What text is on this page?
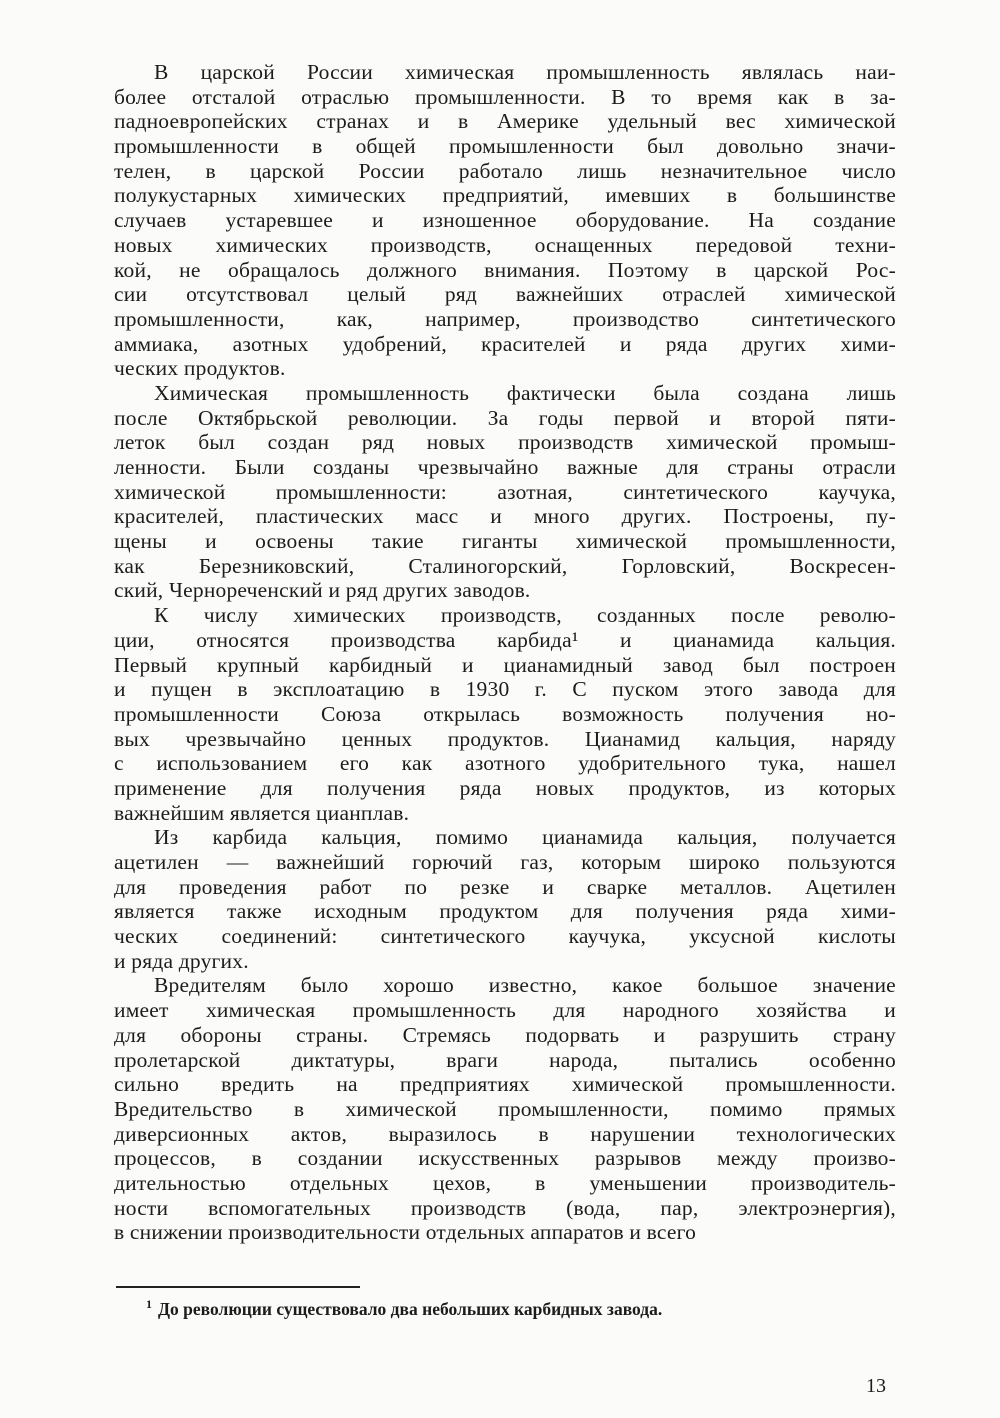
В царской России химическая промышленность являлась наи-
более отсталой отраслью промышленности. В то время как в за-
падноевропейских странах и в Америке удельный вес химической
промышленности в общей промышленности был довольно значи-
телен, в царской России работало лишь незначительное число
полукустарных химических предприятий, имевших в большинстве
случаев устаревшее и изношенное оборудование. На создание
новых химических производств, оснащенных передовой техни-
кой, не обращалось должного внимания. Поэтому в царской Рос-
сии отсутствовал целый ряд важнейших отраслей химической
промышленности, как, например, производство синтетического
аммиака, азотных удобрений, красителей и ряда других хими-
ческих продуктов.
Химическая промышленность фактически была создана лишь
после Октябрьской революции. За годы первой и второй пяти-
леток был создан ряд новых производств химической промыш-
ленности. Были созданы чрезвычайно важные для страны отрасли
химической промышленности: азотная, синтетического каучука,
красителей, пластических масс и много других. Построены, пу-
щены и освоены такие гиганты химической промышленности,
как	Березниковский,	Сталиногорский,	Горловский,	Воскресен-
ский, Чернореченский и ряд других заводов.
К числу химических производств, созданных после револю-
ции, относятся производства карбида¹ и цианамида кальция.
Первый крупный карбидный и цианамидный завод был построен
и пущен в эксплоатацию в 1930 г. С пуском этого завода для
промышленности Союза открылась возможность получения но-
вых чрезвычайно ценных продуктов. Цианамид кальция, наряду
с использованием его как азотного удобрительного тука, нашел
применение для получения ряда новых продуктов, из которых
важнейшим является цианплав.
Из карбида кальция, помимо цианамида кальция, получается
ацетилен — важнейший горючий газ, которым широко пользуются
для проведения работ по резке и сварке металлов. Ацетилен
является также исходным продуктом для получения ряда хими-
ческих соединений: синтетического каучука, уксусной кислоты
и ряда других.
Вредителям было хорошо известно, какое большое значение
имеет химическая промышленность для народного хозяйства и
для обороны страны. Стремясь подорвать и разрушить страну
пролетарской диктатуры, враги народа, пытались особенно
сильно вредить на предприятиях химической промышленности.
Вредительство в химической промышленности, помимо прямых
диверсионных актов, выразилось в нарушении технологических
процессов, в создании искусственных разрывов между произво-
дительностью отдельных цехов, в уменьшении производитель-
ности вспомогательных производств (вода, пар, электроэнергия),
в снижении производительности отдельных аппаратов и всего
$^1$ До революции существовало два небольших карбидных завода.
13
